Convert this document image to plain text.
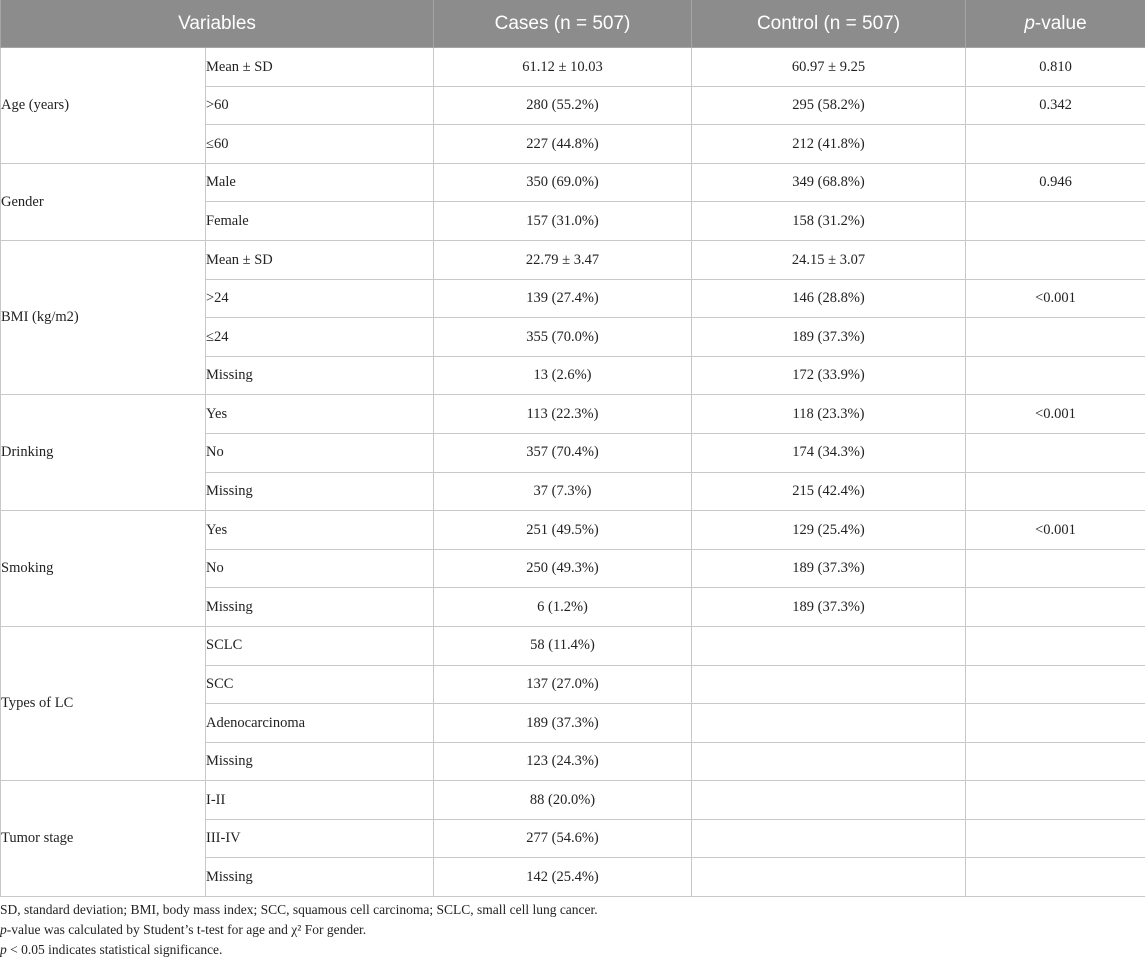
Variables		Cases (n = 507)	Control (n = 507)	p-value
Age (years)	Mean ± SD	61.12 ± 10.03	60.97 ± 9.25	0.810
	>60	280 (55.2%)	295 (58.2%)	0.342
	≤60	227 (44.8%)	212 (41.8%)	
Gender	Male	350 (69.0%)	349 (68.8%)	0.946
	Female	157 (31.0%)	158 (31.2%)	
BMI (kg/m2)	Mean ± SD	22.79 ± 3.47	24.15 ± 3.07	
	>24	139 (27.4%)	146 (28.8%)	<0.001
	≤24	355 (70.0%)	189 (37.3%)	
	Missing	13 (2.6%)	172 (33.9%)	
Drinking	Yes	113 (22.3%)	118 (23.3%)	<0.001
	No	357 (70.4%)	174 (34.3%)	
	Missing	37 (7.3%)	215 (42.4%)	
Smoking	Yes	251 (49.5%)	129 (25.4%)	<0.001
	No	250 (49.3%)	189 (37.3%)	
	Missing	6 (1.2%)	189 (37.3%)	
Types of LC	SCLC	58 (11.4%)		
	SCC	137 (27.0%)		
	Adenocarcinoma	189 (37.3%)		
	Missing	123 (24.3%)		
Tumor stage	I-II	88 (20.0%)		
	III-IV	277 (54.6%)		
	Missing	142 (25.4%)		
SD, standard deviation; BMI, body mass index; SCC, squamous cell carcinoma; SCLC, small cell lung cancer.
p-value was calculated by Student’s t-test for age and χ² For gender.
p < 0.05 indicates statistical significance.
